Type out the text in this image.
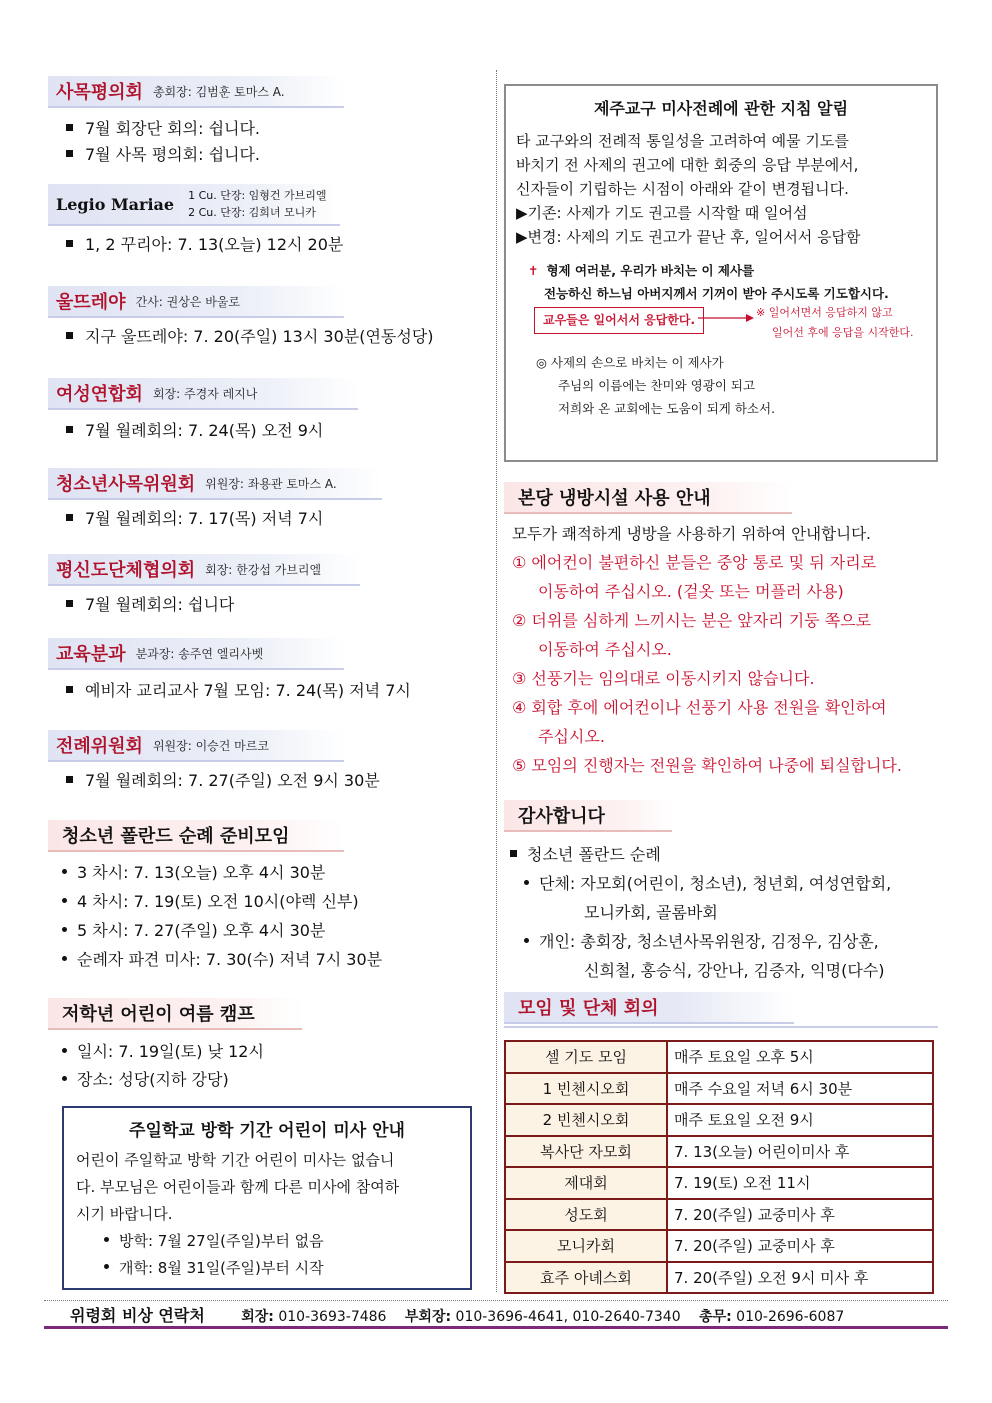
사목평의회 총회장: 김범훈 토마스 A.
7월 회장단 회의: 쉽니다.
7월 사목 평의회: 쉽니다.
Legio Mariae 1 Cu. 단장: 임형건 가브리엘
2 Cu. 단장: 김희녀 모니카
1, 2 꾸리아: 7. 13(오늘) 12시 20분
울뜨레야 간사: 권상은 바울로
지구 울뜨레야: 7. 20(주일) 13시 30분(연동성당)
여성연합회 회장: 주경자 레지나
7월 월례회의: 7. 24(목) 오전 9시
청소년사목위원회 위원장: 좌용관 토마스 A.
7월 월례회의: 7. 17(목) 저녁 7시
평신도단체협의회 회장: 한강섭 가브리엘
7월 월례회의: 쉽니다
교육분과 분과장: 송주연 엘리사벳
예비자 교리교사 7월 모임: 7. 24(목) 저녁 7시
전례위원회 위원장: 이승건 마르코
7월 월례회의: 7. 27(주일) 오전 9시 30분
청소년 폴란드 순례 준비모임
3 차시: 7. 13(오늘) 오후 4시 30분
4 차시: 7. 19(토) 오전 10시(야렉 신부)
5 차시: 7. 27(주일) 오후 4시 30분
순례자 파견 미사: 7. 30(수) 저녁 7시 30분
저학년 어린이 여름 캠프
일시: 7. 19일(토) 낮 12시
장소: 성당(지하 강당)
주일학교 방학 기간 어린이 미사 안내
어린이 주일학교 방학 기간 어린이 미사는 없습니
다. 부모님은 어린이들과 함께 다른 미사에 참여하
시기 바랍니다.
방학: 7월 27일(주일)부터 없음
개학: 8월 31일(주일)부터 시작
제주교구 미사전례에 관한 지침 알림
타 교구와의 전례적 통일성을 고려하여 예물 기도를
바치기 전 사제의 권고에 대한 회중의 응답 부분에서,
신자들이 기립하는 시점이 아래와 같이 변경됩니다.
▶기존: 사제가 기도 권고를 시작할 때 일어섬
▶변경: 사제의 기도 권고가 끝난 후, 일어서서 응답함
✝ 형제 여러분, 우리가 바치는 이 제사를
전능하신 하느님 아버지께서 기꺼이 받아 주시도록 기도합시다.
교우들은 일어서서 응답한다.
※ 일어서면서 응답하지 않고
일어선 후에 응답을 시작한다.
◎ 사제의 손으로 바치는 이 제사가
주님의 이름에는 찬미와 영광이 되고
저희와 온 교회에는 도움이 되게 하소서.
본당 냉방시설 사용 안내
모두가 쾌적하게 냉방을 사용하기 위하여 안내합니다.
① 에어컨이 불편하신 분들은 중앙 통로 및 뒤 자리로
이동하여 주십시오. (겉옷 또는 머플러 사용)
② 더위를 심하게 느끼시는 분은 앞자리 기둥 쪽으로
이동하여 주십시오.
③ 선풍기는 임의대로 이동시키지 않습니다.
④ 회합 후에 에어컨이나 선풍기 사용 전원을 확인하여
주십시오.
⑤ 모임의 진행자는 전원을 확인하여 나중에 퇴실합니다.
감사합니다
청소년 폴란드 순례
단체: 자모회(어린이, 청소년), 청년회, 여성연합회,
모니카회, 골롬바회
개인: 총회장, 청소년사목위원장, 김정우, 김상훈,
신희철, 홍승식, 강안나, 김증자, 익명(다수)
모임 및 단체 회의
셀 기도 모임	매주 토요일 오후 5시
1 빈첸시오회	매주 수요일 저녁 6시 30분
2 빈첸시오회	매주 토요일 오전 9시
복사단 자모회	7. 13(오늘) 어린이미사 후
제대회	7. 19(토) 오전 11시
성도회	7. 20(주일) 교중미사 후
모니카회	7. 20(주일) 교중미사 후
효주 아녜스회	7. 20(주일) 오전 9시 미사 후
위령회 비상 연락처	회장: 010-3693-7486 부회장: 010-3696-4641, 010-2640-7340 총무: 010-2696-6087
